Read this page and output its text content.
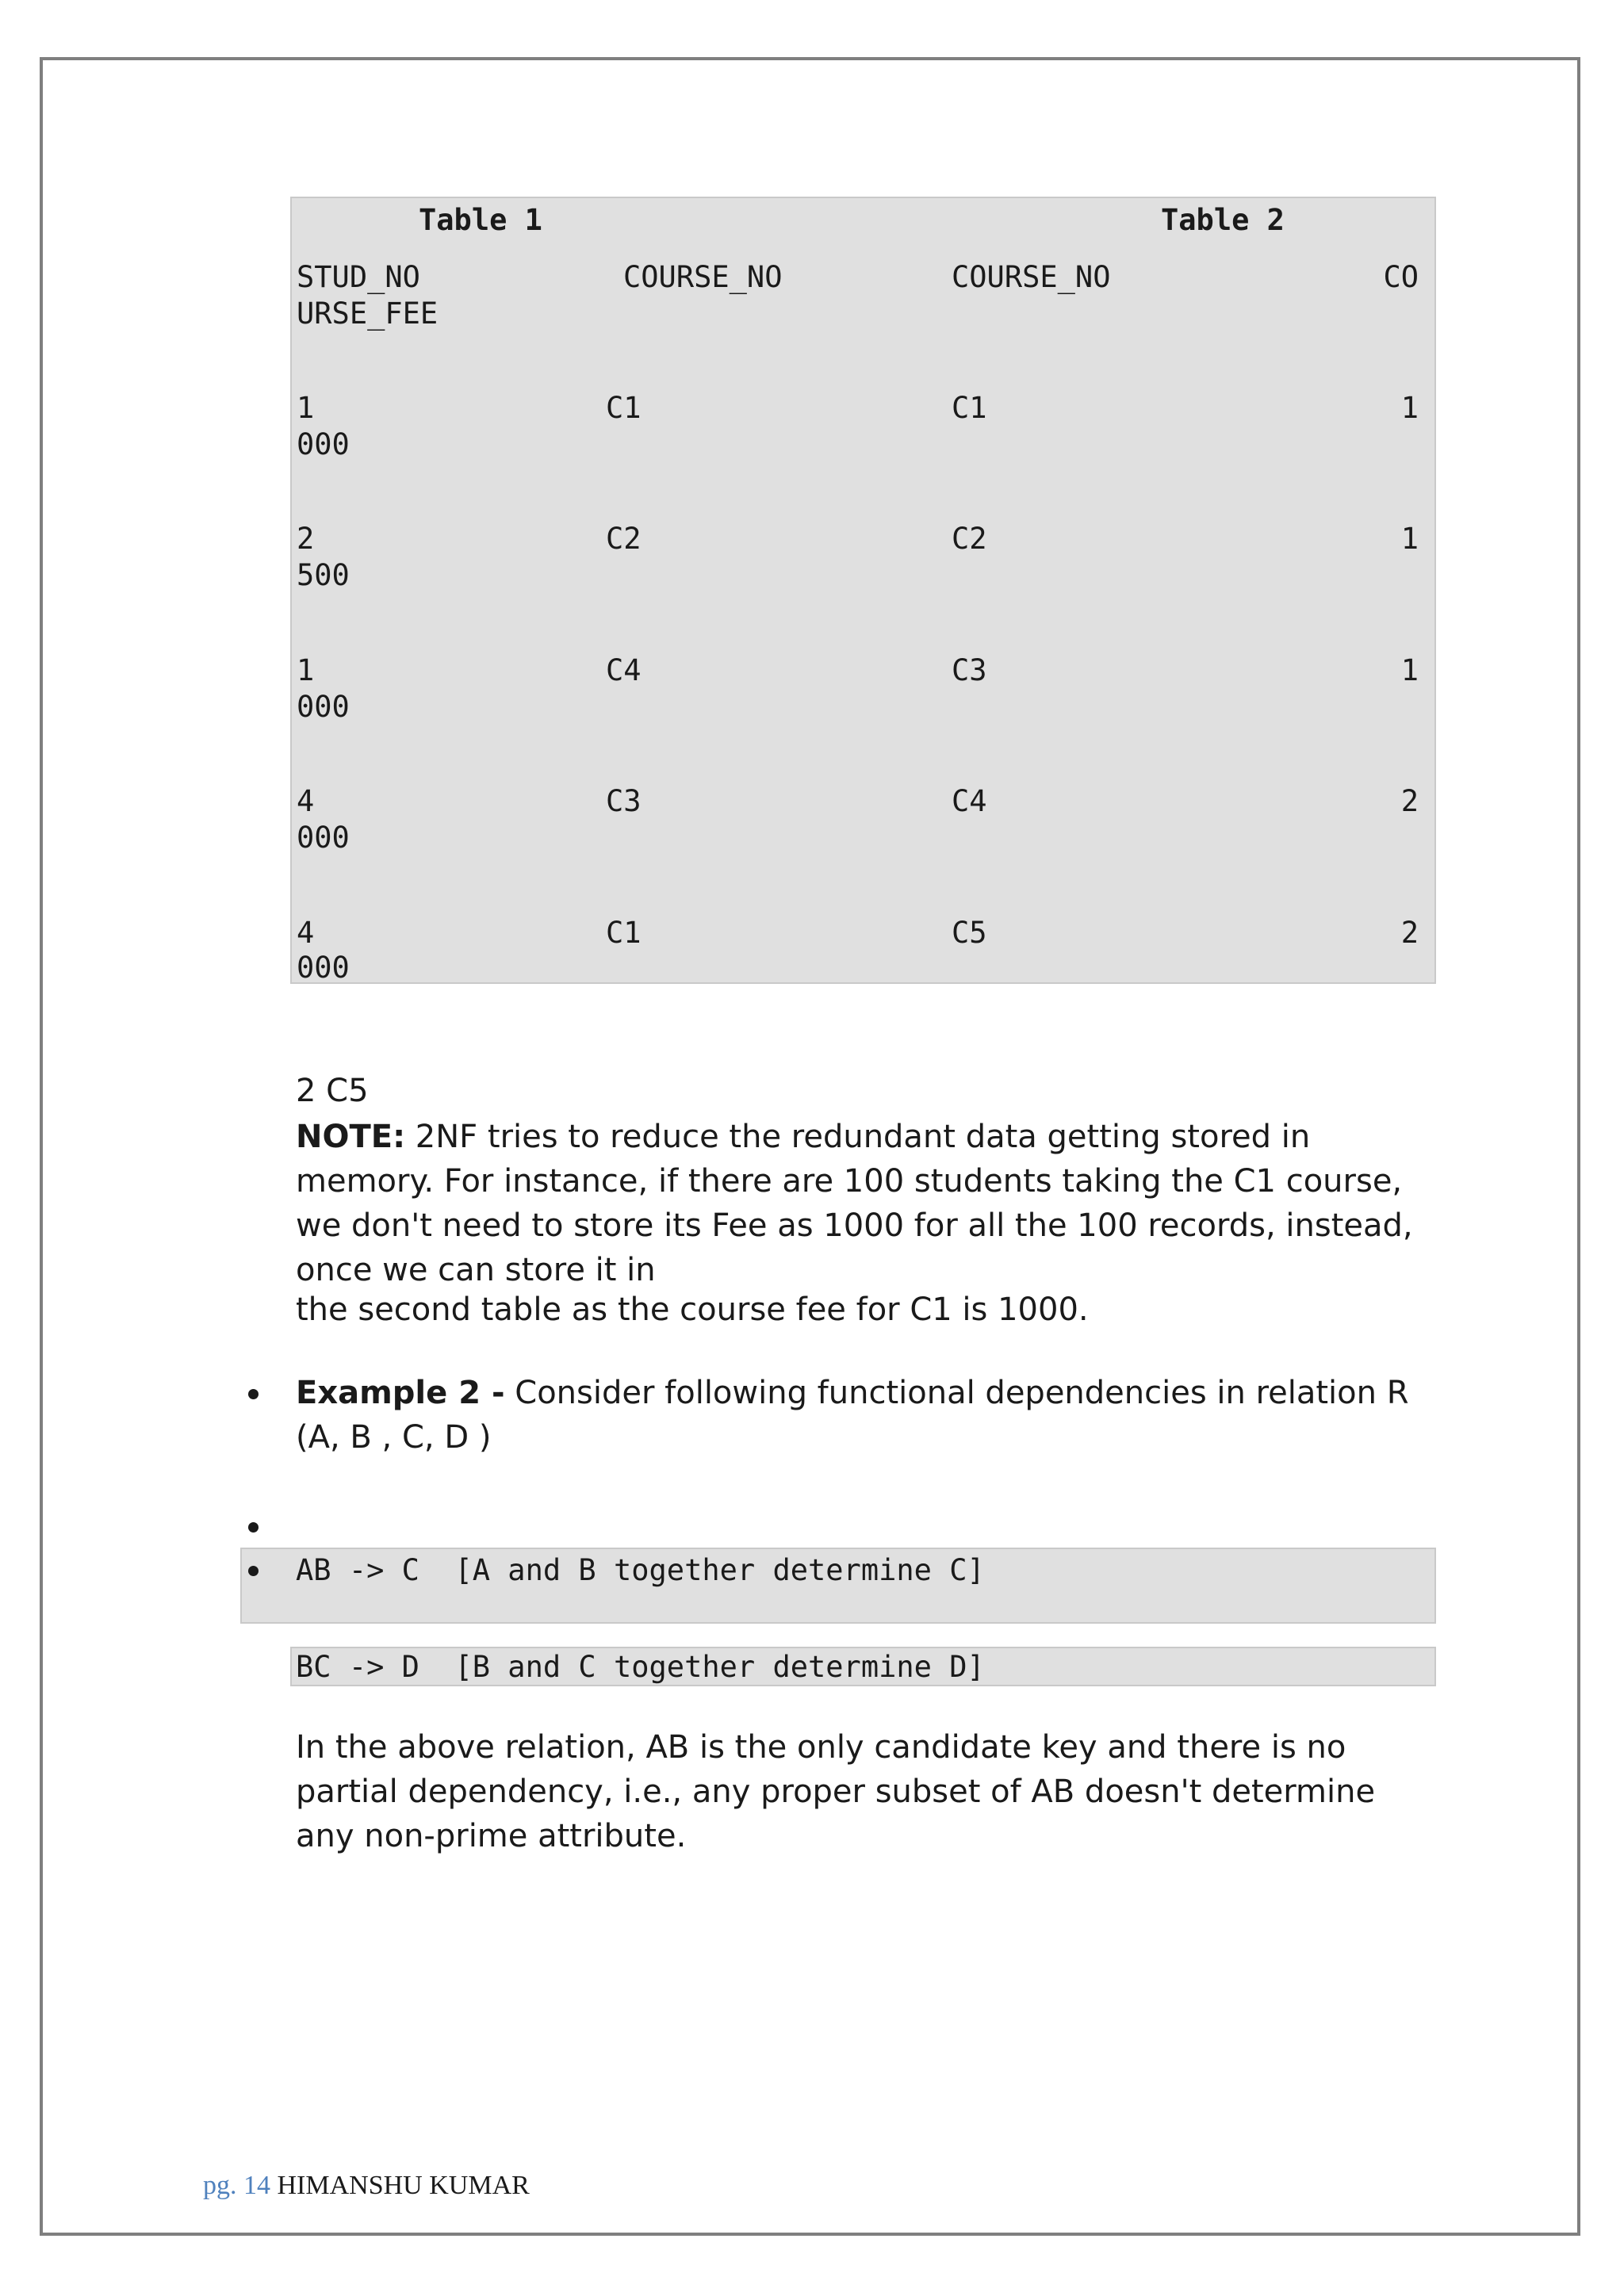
Table 1	Table 2
STUD_NO	COURSE_NO	COURSE_NO	CO
URSE_FEE
1	C1	C1	1
000
2	C2	C2	1
500
1	C4	C3	1
000
4	C3	C4	2
000
4	C1	C5	2
000
2 C5
NOTE: 2NF tries to reduce the redundant data getting stored in memory. For instance, if there are 100 students taking the C1 course, we don't need to store its Fee as 1000 for all the 100 records, instead, once we can store it in
the second table as the course fee for C1 is 1000.
Example 2 - Consider following functional dependencies in relation R (A, B , C, D )
AB -> C  [A and B together determine C]
BC -> D  [B and C together determine D]
In the above relation, AB is the only candidate key and there is no partial dependency, i.e., any proper subset of AB doesn't determine any non-prime attribute.
pg. 14 HIMANSHU KUMAR
